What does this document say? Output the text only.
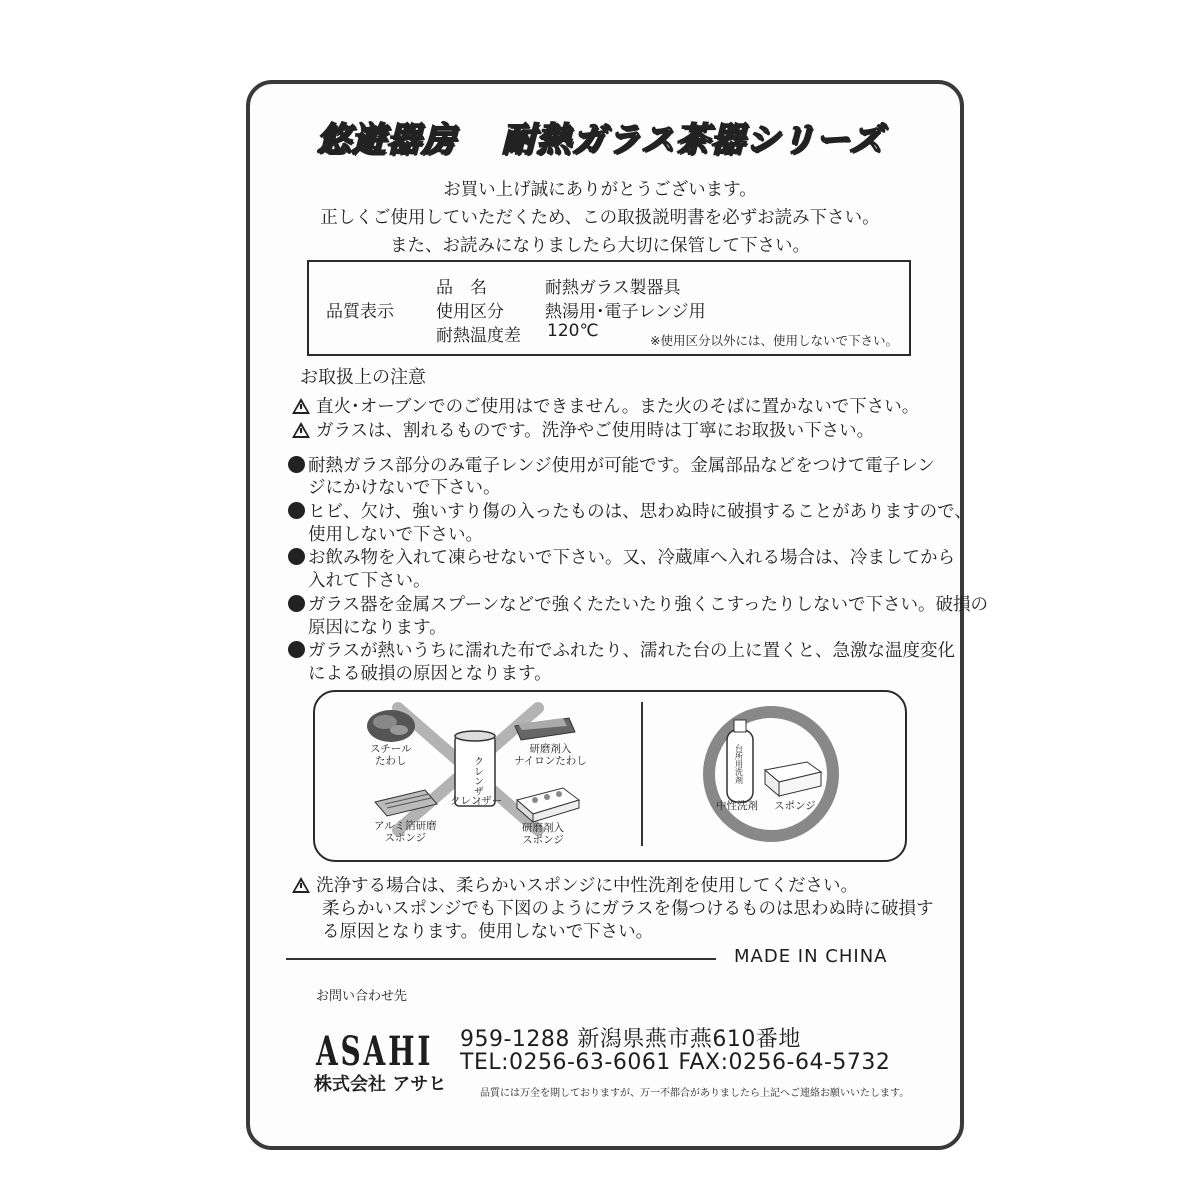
悠遊器房 耐熱ガラス茶器シリーズ
お買い上げ誠にありがとうございます。
正しくご使用していただくため、この取扱説明書を必ずお読み下さい。
また、お読みになりましたら大切に保管して下さい。
品質表示
品　名	耐熱ガラス製器具
使用区分 熱湯用･電子レンジ用
耐熱温度差 120℃	※使用区分以外には、使用しないで下さい。
お取扱上の注意
直火･オーブンでのご使用はできません。また火のそばに置かないで下さい。
ガラスは、割れるものです。洗浄やご使用時は丁寧にお取扱い下さい。
耐熱ガラス部分のみ電子レンジ使用が可能です。金属部品などをつけて電子レン
ジにかけないで下さい。
ヒビ、欠け、強いすり傷の入ったものは、思わぬ時に破損することがありますので、
使用しないで下さい。
お飲み物を入れて凍らせないで下さい。又、冷蔵庫へ入れる場合は、冷ましてから
入れて下さい。
ガラス器を金属スプーンなどで強くたたいたり強くこすったりしないで下さい。破損の
原因になります。
ガラスが熱いうちに濡れた布でふれたり、濡れた台の上に置くと、急激な温度変化
による破損の原因となります。
クレンザー	台所用洗剤
スチール
たわし
研磨剤入
ナイロンたわし
クレンザー
アルミ箔研磨
スポンジ
研磨剤入
スポンジ
中性洗剤 スポンジ
洗浄する場合は、柔らかいスポンジに中性洗剤を使用してください。
柔らかいスポンジでも下図のようにガラスを傷つけるものは思わぬ時に破損す
る原因となります。使用しないで下さい。
MADE IN CHINA
お問い合わせ先
ASAHI
株式会社 アサヒ
959-1288 新潟県燕市燕610番地
TEL:0256-63-6061 FAX:0256-64-5732
品質には万全を期しておりますが、万一不都合がありましたら上記へご連絡お願いいたします。
